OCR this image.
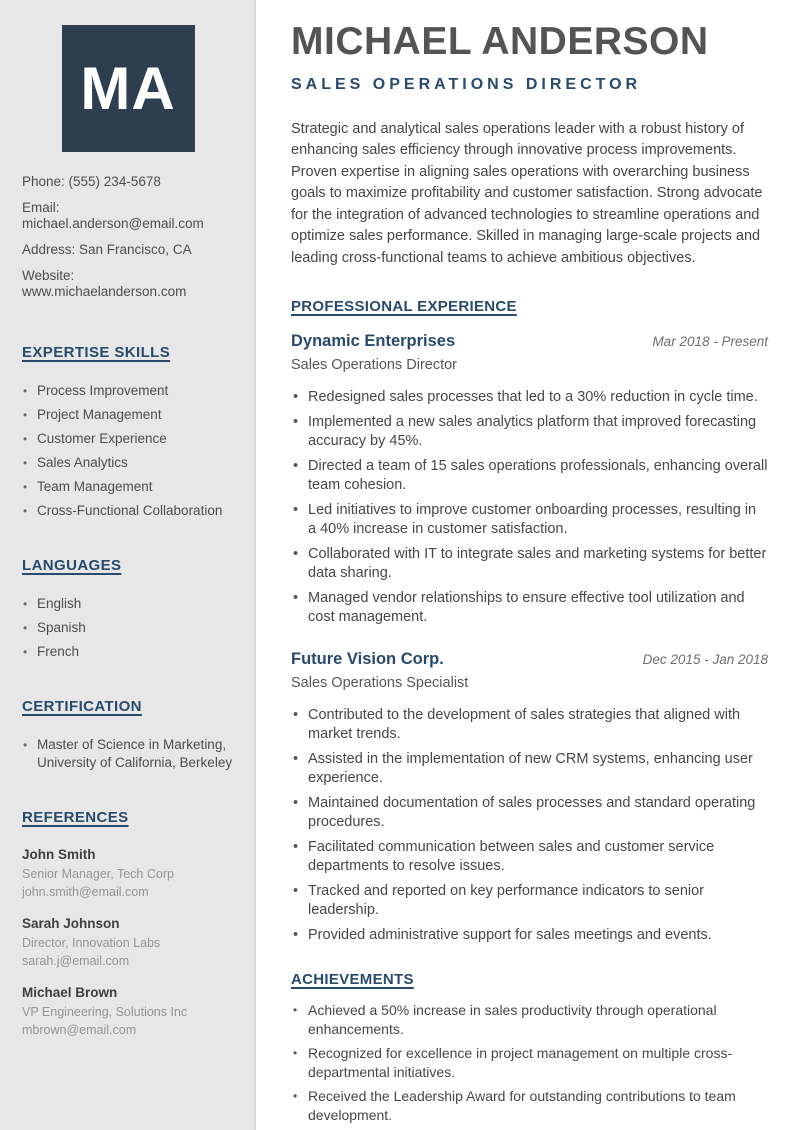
MA
Phone: (555) 234-5678
Email: michael.anderson@email.com
Address: San Francisco, CA
Website: www.michaelanderson.com
EXPERTISE SKILLS
• Process Improvement
• Project Management
• Customer Experience
• Sales Analytics
• Team Management
• Cross-Functional Collaboration
LANGUAGES
• English
• Spanish
• French
CERTIFICATION
• Master of Science in Marketing, University of California, Berkeley
REFERENCES
John Smith
Senior Manager, Tech Corp
john.smith@email.com
Sarah Johnson
Director, Innovation Labs
sarah.j@email.com
Michael Brown
VP Engineering, Solutions Inc
mbrown@email.com
MICHAEL ANDERSON
SALES OPERATIONS DIRECTOR

Strategic and analytical sales operations leader with a robust history of enhancing sales efficiency through innovative process improvements. Proven expertise in aligning sales operations with overarching business goals to maximize profitability and customer satisfaction. Strong advocate for the integration of advanced technologies to streamline operations and optimize sales performance. Skilled in managing large-scale projects and leading cross-functional teams to achieve ambitious objectives.

PROFESSIONAL EXPERIENCE
Dynamic Enterprises	Mar 2018 - Present
Sales Operations Director
• Redesigned sales processes that led to a 30% reduction in cycle time.
• Implemented a new sales analytics platform that improved forecasting accuracy by 45%.
• Directed a team of 15 sales operations professionals, enhancing overall team cohesion.
• Led initiatives to improve customer onboarding processes, resulting in a 40% increase in customer satisfaction.
• Collaborated with IT to integrate sales and marketing systems for better data sharing.
• Managed vendor relationships to ensure effective tool utilization and cost management.
Future Vision Corp.	Dec 2015 - Jan 2018
Sales Operations Specialist
• Contributed to the development of sales strategies that aligned with market trends.
• Assisted in the implementation of new CRM systems, enhancing user experience.
• Maintained documentation of sales processes and standard operating procedures.
• Facilitated communication between sales and customer service departments to resolve issues.
• Tracked and reported on key performance indicators to senior leadership.
• Provided administrative support for sales meetings and events.
ACHIEVEMENTS
• Achieved a 50% increase in sales productivity through operational enhancements.
• Recognized for excellence in project management on multiple cross-departmental initiatives.
• Received the Leadership Award for outstanding contributions to team development.
